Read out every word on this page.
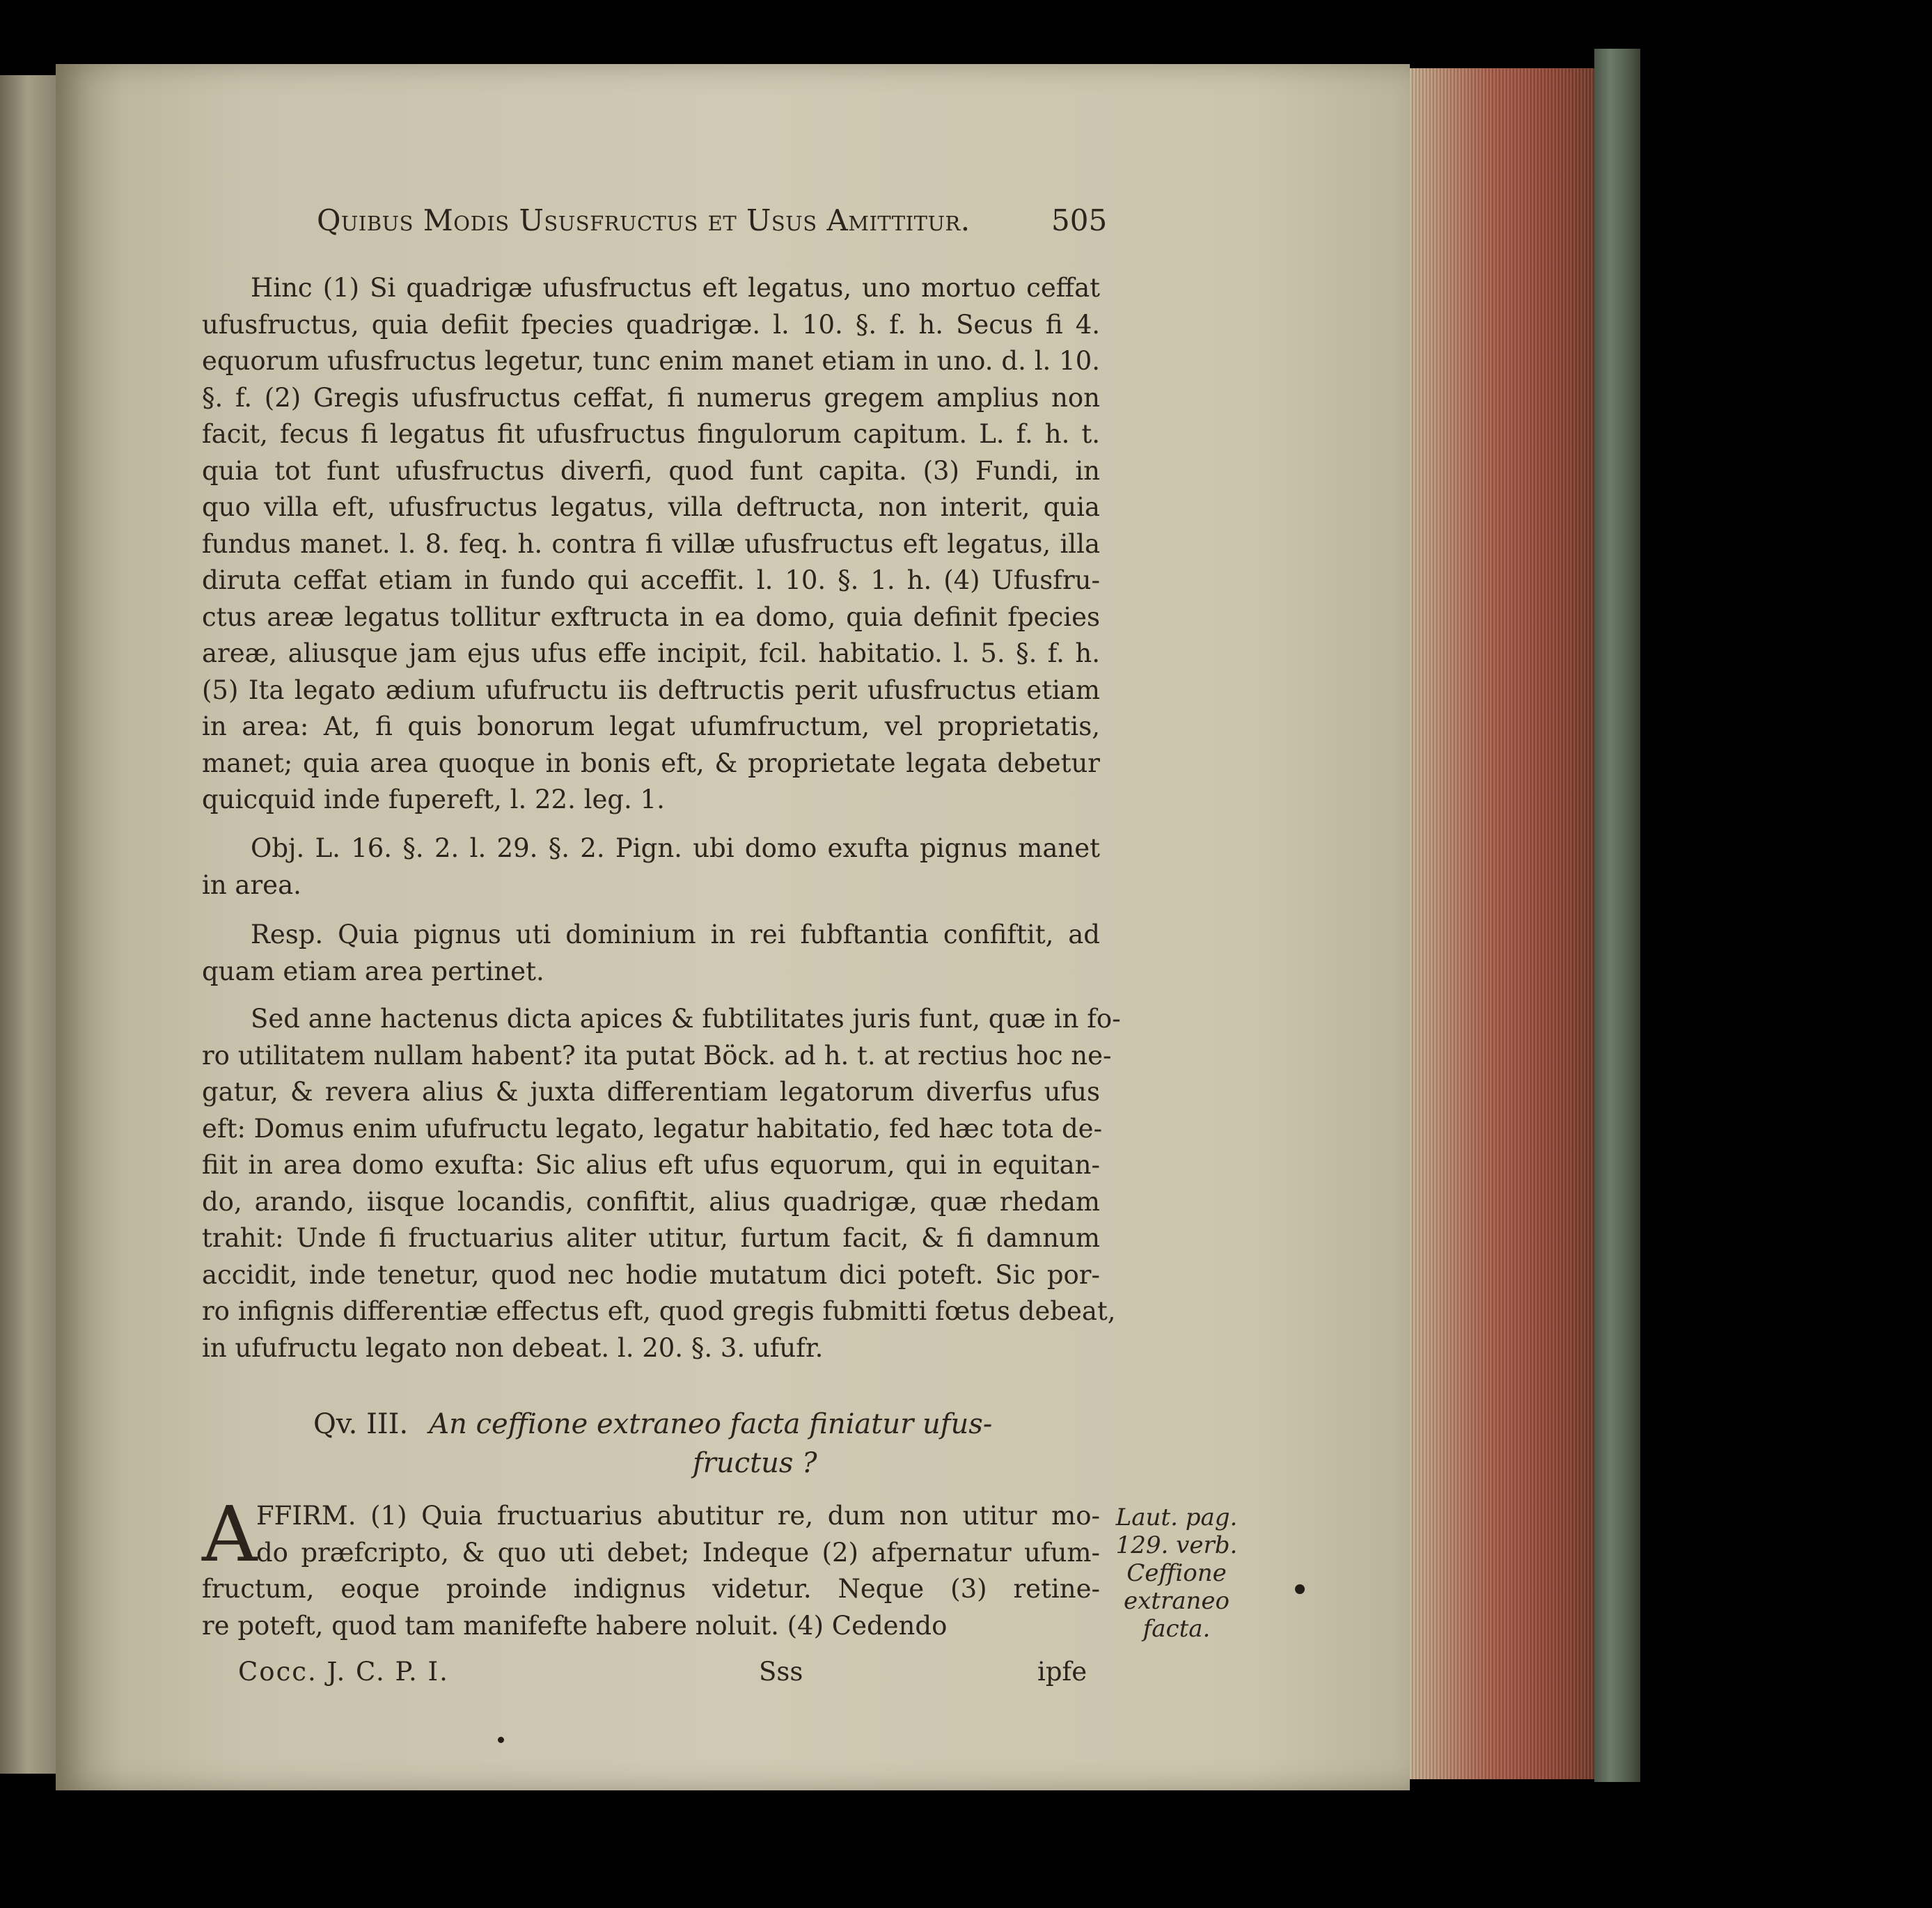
Quibus Modis Ususfructus et Usus Amittitur.	505
Hinc (1) Si quadrigæ ufusfructus eft legatus, uno mortuo ceffat
ufusfructus, quia defiit fpecies quadrigæ. l. 10. §. f. h. Secus fi 4.
equorum ufusfructus legetur, tunc enim manet etiam in uno. d. l. 10.
§. f. (2) Gregis ufusfructus ceffat, fi numerus gregem amplius non
facit, fecus fi legatus fit ufusfructus fingulorum capitum. L. f. h. t.
quia tot funt ufusfructus diverfi, quod funt capita. (3) Fundi, in
quo villa eft, ufusfructus legatus, villa deftructa, non interit, quia
fundus manet. l. 8. feq. h. contra fi villæ ufusfructus eft legatus, illa
diruta ceffat etiam in fundo qui acceffit. l. 10. §. 1. h. (4) Ufusfru-
ctus areæ legatus tollitur exftructa in ea domo, quia definit fpecies
areæ, aliusque jam ejus ufus effe incipit, fcil. habitatio. l. 5. §. f. h.
(5) Ita legato ædium ufufructu iis deftructis perit ufusfructus etiam
in area: At, fi quis bonorum legat ufumfructum, vel proprietatis,
manet; quia area quoque in bonis eft, & proprietate legata debetur
quicquid inde fupereft, l. 22. leg. 1.
Obj. L. 16. §. 2. l. 29. §. 2. Pign. ubi domo exufta pignus manet
in area.
Resp. Quia pignus uti dominium in rei fubftantia confiftit, ad
quam etiam area pertinet.
Sed anne hactenus dicta apices & fubtilitates juris funt, quæ in fo-
ro utilitatem nullam habent? ita putat Böck. ad h. t. at rectius hoc ne-
gatur, & revera alius & juxta differentiam legatorum diverfus ufus
eft: Domus enim ufufructu legato, legatur habitatio, fed hæc tota de-
fiit in area domo exufta: Sic alius eft ufus equorum, qui in equitan-
do, arando, iisque locandis, confiftit, alius quadrigæ, quæ rhedam
trahit: Unde fi fructuarius aliter utitur, furtum facit, & fi damnum
accidit, inde tenetur, quod nec hodie mutatum dici poteft. Sic por-
ro infignis differentiæ effectus eft, quod gregis fubmitti fœtus debeat,
in ufufructu legato non debeat. l. 20. §. 3. ufufr.
Qv. III. An ceffione extraneo facta finiatur ufus-
fructus ?
A
FFIRM. (1) Quia fructuarius abutitur re, dum non utitur mo-
do præfcripto, & quo uti debet; Indeque (2) afpernatur ufum-
fructum, eoque proinde indignus videtur. Neque (3) retine-
re poteft, quod tam manifefte habere noluit. (4) Cedendo
Laut. pag.
129. verb.
Ceffione
extraneo
facta.
Cocc. J. C. P. I.	Sss	ipfe
